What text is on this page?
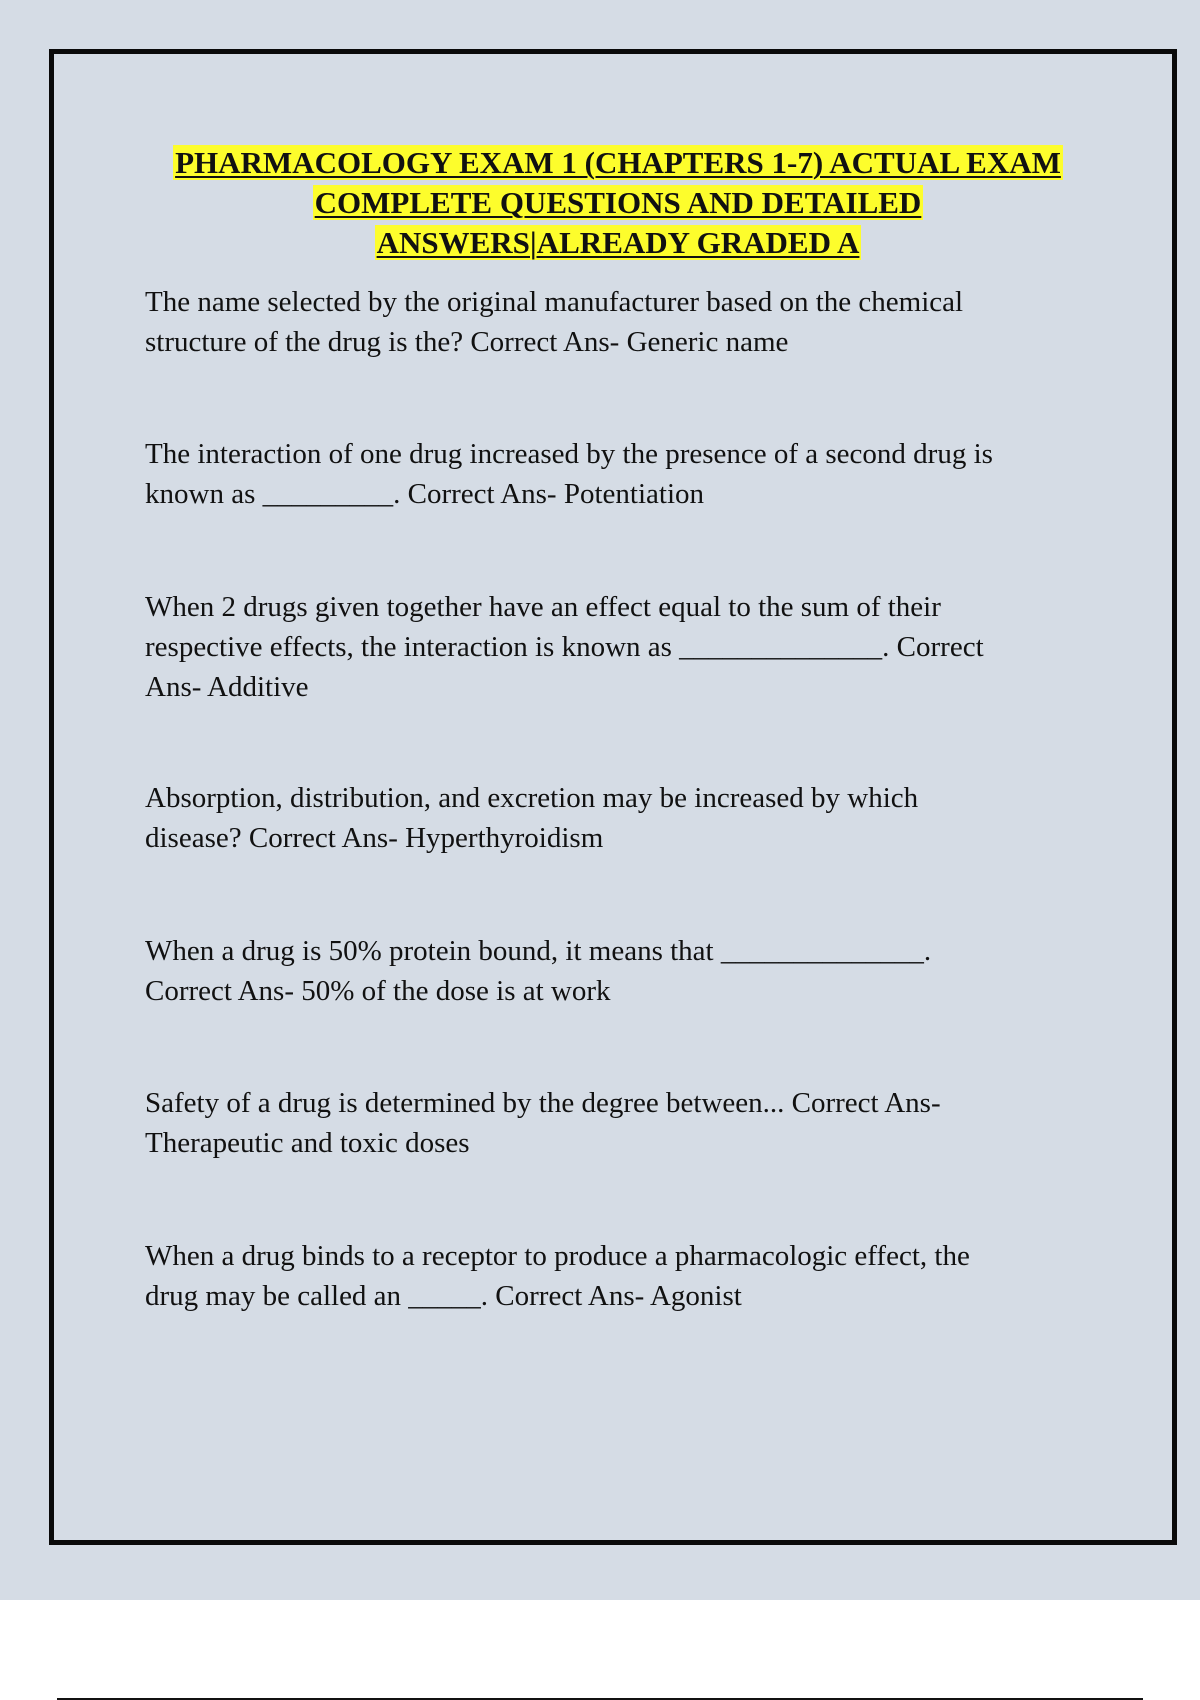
PHARMACOLOGY EXAM 1 (CHAPTERS 1-7) ACTUAL EXAM
COMPLETE QUESTIONS AND DETAILED
ANSWERS|ALREADY GRADED A

The name selected by the original manufacturer based on the chemical
structure of the drug is the? Correct Ans- Generic name

The interaction of one drug increased by the presence of a second drug is
known as _________. Correct Ans- Potentiation

When 2 drugs given together have an effect equal to the sum of their
respective effects, the interaction is known as ______________. Correct
Ans- Additive

Absorption, distribution, and excretion may be increased by which
disease? Correct Ans- Hyperthyroidism

When a drug is 50% protein bound, it means that ______________.
Correct Ans- 50% of the dose is at work

Safety of a drug is determined by the degree between... Correct Ans-
Therapeutic and toxic doses

When a drug binds to a receptor to produce a pharmacologic effect, the
drug may be called an _____. Correct Ans- Agonist
